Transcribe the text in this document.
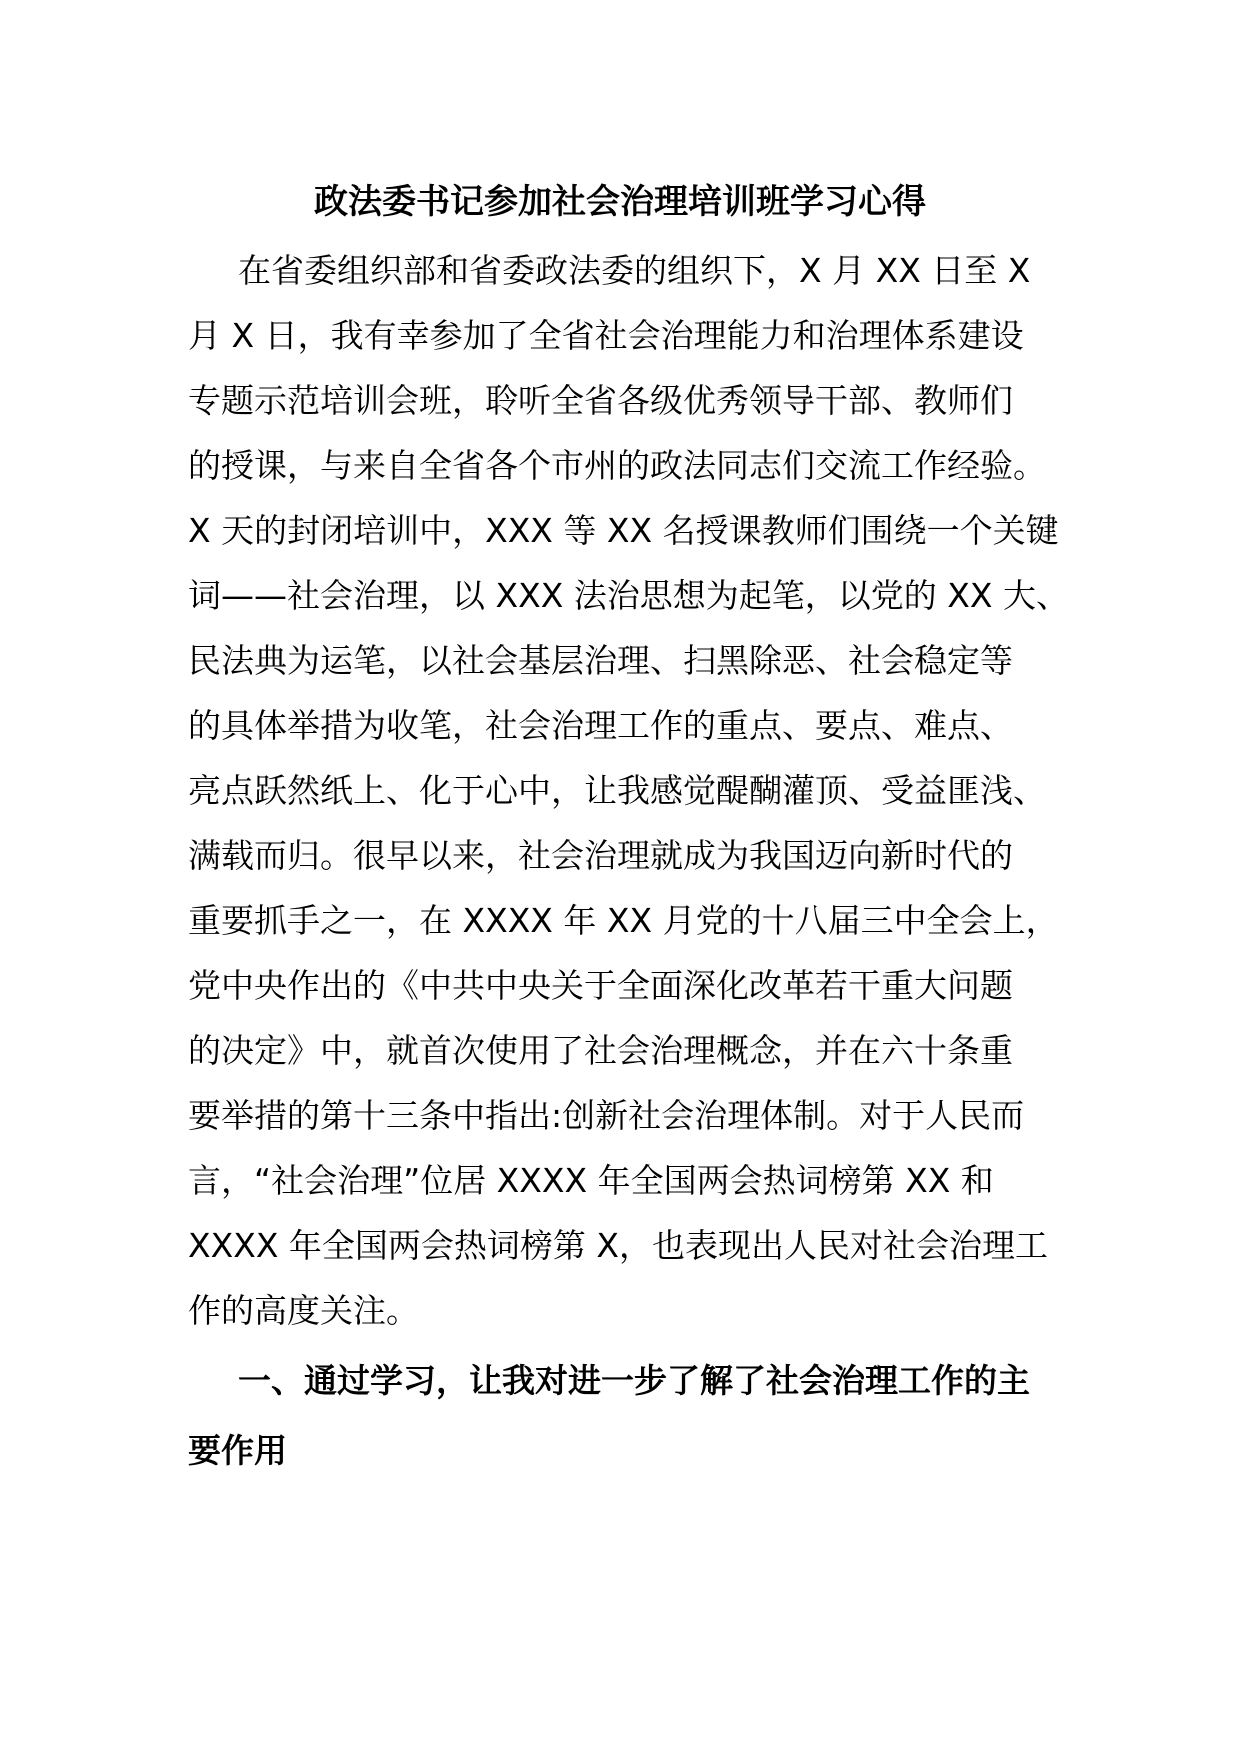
政法委书记参加社会治理培训班学习心得
在省委组织部和省委政法委的组织下，X 月 XX 日至 X
月 X 日，我有幸参加了全省社会治理能力和治理体系建设
专题示范培训会班，聆听全省各级优秀领导干部、教师们
的授课，与来自全省各个市州的政法同志们交流工作经验。
X 天的封闭培训中，XXX 等 XX 名授课教师们围绕一个关键
词——社会治理，以 XXX 法治思想为起笔，以党的 XX 大、
民法典为运笔，以社会基层治理、扫黑除恶、社会稳定等
的具体举措为收笔，社会治理工作的重点、要点、难点、
亮点跃然纸上、化于心中，让我感觉醍醐灌顶、受益匪浅、
满载而归。很早以来，社会治理就成为我国迈向新时代的
重要抓手之一，在 XXXX 年 XX 月党的十八届三中全会上，
党中央作出的《中共中央关于全面深化改革若干重大问题
的决定》中，就首次使用了社会治理概念，并在六十条重
要举措的第十三条中指出:创新社会治理体制。对于人民而
言，“社会治理”位居 XXXX 年全国两会热词榜第 XX 和
XXXX 年全国两会热词榜第 X，也表现出人民对社会治理工
作的高度关注。
一、通过学习，让我对进一步了解了社会治理工作的主
要作用
